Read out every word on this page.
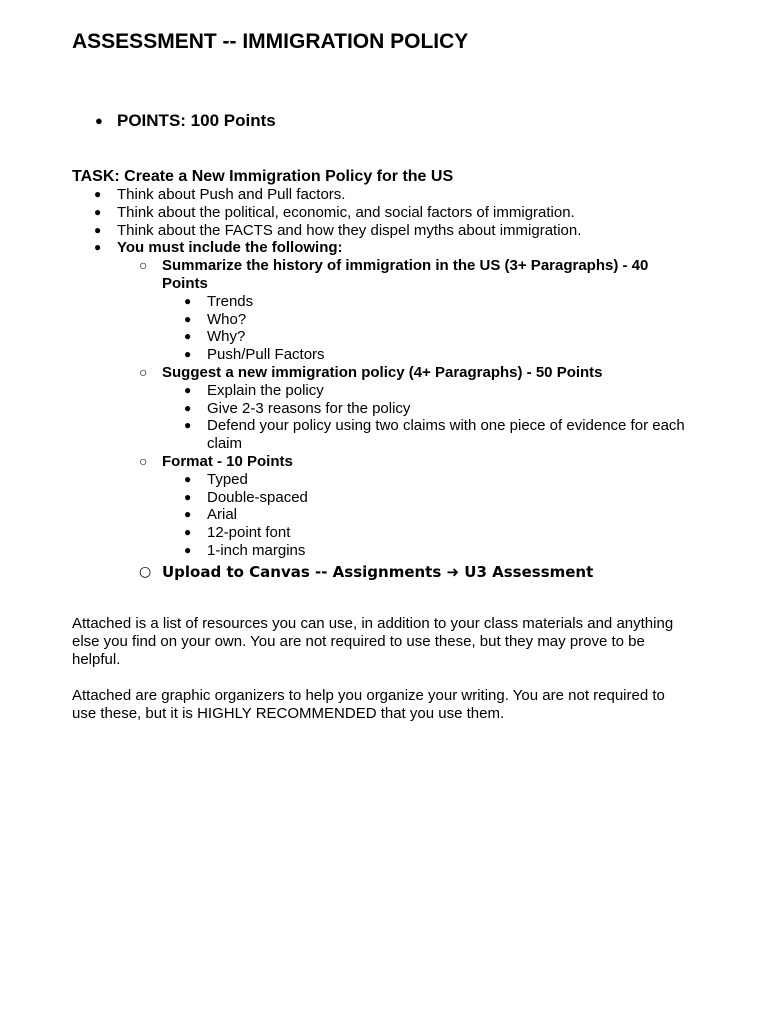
ASSESSMENT -- IMMIGRATION POLICY
● POINTS: 100 Points
TASK: Create a New Immigration Policy for the US
● Think about Push and Pull factors.
● Think about the political, economic, and social factors of immigration.
● Think about the FACTS and how they dispel myths about immigration.
● You must include the following:
○ Summarize the history of immigration in the US (3+ Paragraphs) - 40 Points
● Trends
● Who?
● Why?
● Push/Pull Factors
○ Suggest a new immigration policy (4+ Paragraphs) - 50 Points
● Explain the policy
● Give 2-3 reasons for the policy
● Defend your policy using two claims with one piece of evidence for each claim
○ Format - 10 Points
● Typed
● Double-spaced
● Arial
● 12-point font
● 1-inch margins
○ Upload to Canvas -- Assignments ➜ U3 Assessment

Attached is a list of resources you can use, in addition to your class materials and anything else you find on your own. You are not required to use these, but they may prove to be helpful.

Attached are graphic organizers to help you organize your writing. You are not required to use these, but it is HIGHLY RECOMMENDED that you use them.
